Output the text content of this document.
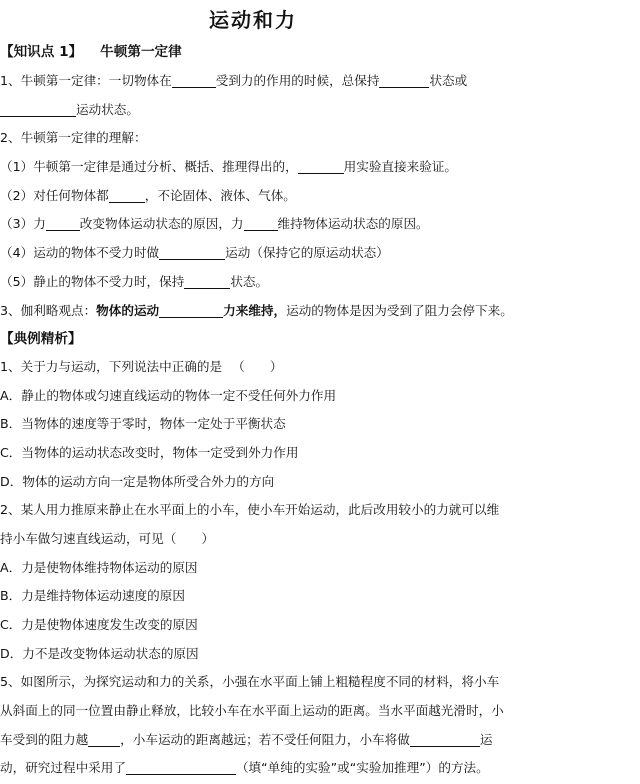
运动和力
【知识点 1】 牛顿第一定律
1、牛顿第一定律：一切物体在	受到力的作用的时候，总保持	状态或
运动状态。
2、牛顿第一定律的理解：
（1）牛顿第一定律是通过分析、概括、推理得出的，	用实验直接来验证。
（2）对任何物体都	，不论固体、液体、气体。
（3）力	改变物体运动状态的原因，力	维持物体运动状态的原因。
（4）运动的物体不受力时做	运动（保持它的原运动状态）
（5）静止的物体不受力时，保持	状态。
3、伽利略观点：物体的运动	力来维持，运动的物体是因为受到了阻力会停下来。
【典例精析】
1、关于力与运动，下列说法中正确的是 （　　）
A．静止的物体或匀速直线运动的物体一定不受任何外力作用
B．当物体的速度等于零时，物体一定处于平衡状态
C．当物体的运动状态改变时，物体一定受到外力作用
D．物体的运动方向一定是物体所受合外力的方向
2、某人用力推原来静止在水平面上的小车，使小车开始运动，此后改用较小的力就可以维
持小车做匀速直线运动，可见（　　）
A．力是使物体维持物体运动的原因
B．力是维持物体运动速度的原因
C．力是使物体速度发生改变的原因
D．力不是改变物体运动状态的原因
5、如图所示，为探究运动和力的关系，小强在水平面上铺上粗糙程度不同的材料，将小车
从斜面上的同一位置由静止释放，比较小车在水平面上运动的距离。当水平面越光滑时，小
车受到的阻力越	，小车运动的距离越远；若不受任何阻力，小车将做	运
动，研究过程中采用了	（填“单纯的实验”或“实验加推理”）的方法。
